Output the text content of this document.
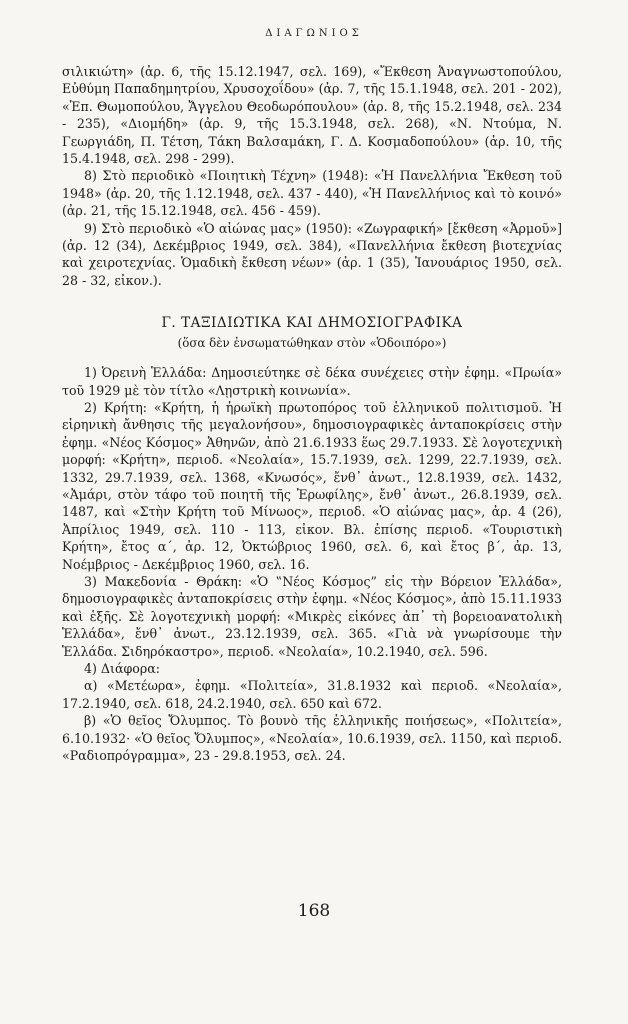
ΔΙΑΓΩΝΙΟΣ

σιλικιώτη» (ἀρ. 6, τῆς 15.12.1947, σελ. 169), «Ἔκθεση Ἀναγνωστοπούλου, Εὐθύμη Παπαδημητρίου, Χρυσοχοΐδου» (ἀρ. 7, τῆς 15.1.1948, σελ. 201 - 202), «Ἐπ. Θωμοπούλου, Ἄγγελου Θεοδωρόπουλου» (ἀρ. 8, τῆς 15.2.1948, σελ. 234 - 235), «Διομήδη» (ἀρ. 9, τῆς 15.3.1948, σελ. 268), «Ν. Ντούμα, Ν. Γεωργιάδη, Π. Τέτση, Τάκη Βαλσαμάκη, Γ. Δ. Κοσμαδοπούλου» (ἀρ. 10, τῆς 15.4.1948, σελ. 298 - 299).

8) Στὸ περιοδικὸ «Ποιητικὴ Τέχνη» (1948): «Ἡ Πανελλήνια Ἔκθεση τοῦ 1948» (ἀρ. 20, τῆς 1.12.1948, σελ. 437 - 440), «Ἡ Πανελλήνιος καὶ τὸ κοινό» (ἀρ. 21, τῆς 15.12.1948, σελ. 456 - 459).

9) Στὸ περιοδικὸ «Ὁ αἰώνας μας» (1950): «Ζωγραφική» [ἔκθεση «Ἀρμοῦ»] (ἀρ. 12 (34), Δεκέμβριος 1949, σελ. 384), «Πανελλήνια ἔκθεση βιοτεχνίας καὶ χειροτεχνίας. Ὁμαδικὴ ἔκθεση νέων» (ἀρ. 1 (35), Ἰανουάριος 1950, σελ. 28 - 32, εἰκον.).

Γ. ΤΑΞΙΔΙΩΤΙΚΑ ΚΑΙ ΔΗΜΟΣΙΟΓΡΑΦΙΚΑ
(ὅσα δὲν ἐνσωματώθηκαν στὸν «Ὁδοιπόρο»)

1) Ὀρεινὴ Ἑλλάδα: Δημοσιεύτηκε σὲ δέκα συνέχειες στὴν ἐφημ. «Πρωία» τοῦ 1929 μὲ τὸν τίτλο «Λῃστρικὴ κοινωνία».

2) Κρήτη: «Κρήτη, ἡ ἡρωϊκὴ πρωτοπόρος τοῦ ἑλληνικοῦ πολιτισμοῦ. Ἡ εἰρηνικὴ ἄνθησις τῆς μεγαλονήσου», δημοσιογραφικὲς ἀνταποκρίσεις στὴν ἐφημ. «Νέος Κόσμος» Ἀθηνῶν, ἀπὸ 21.6.1933 ἕως 29.7.1933. Σὲ λογοτεχνικὴ μορφή: «Κρήτη», περιοδ. «Νεολαία», 15.7.1939, σελ. 1299, 22.7.1939, σελ. 1332, 29.7.1939, σελ. 1368, «Κνωσός», ἔνθ᾽ ἀνωτ., 12.8.1939, σελ. 1432, «Ἀμάρι, στὸν τάφο τοῦ ποιητῆ τῆς Ἐρωφίλης», ἔνθ᾽ ἀνωτ., 26.8.1939, σελ. 1487, καὶ «Στὴν Κρήτη τοῦ Μίνωος», περιοδ. «Ὁ αἰώνας μας», ἀρ. 4 (26), Ἀπρίλιος 1949, σελ. 110 - 113, εἰκον. Βλ. ἐπίσης περιοδ. «Τουριστικὴ Κρήτη», ἔτος α΄, ἀρ. 12, Ὀκτώβριος 1960, σελ. 6, καὶ ἔτος β΄, ἀρ. 13, Νοέμβριος - Δεκέμβριος 1960, σελ. 16.

3) Μακεδονία - Θράκη: «Ὁ ‟Νέος Κόσμος” εἰς τὴν Βόρειον Ἑλλάδα», δημοσιογραφικὲς ἀνταποκρίσεις στὴν ἐφημ. «Νέος Κόσμος», ἀπὸ 15.11.1933 καὶ ἑξῆς. Σὲ λογοτεχνικὴ μορφή: «Μικρὲς εἰκόνες ἀπ᾽ τὴ βορειοανατολικὴ Ἑλλάδα», ἔνθ᾽ ἀνωτ., 23.12.1939, σελ. 365. «Γιὰ νὰ γνωρίσουμε τὴν Ἑλλάδα. Σιδηρόκαστρο», περιοδ. «Νεολαία», 10.2.1940, σελ. 596.

4) Διάφορα:

α) «Μετέωρα», ἐφημ. «Πολιτεία», 31.8.1932 καὶ περιοδ. «Νεολαία», 17.2.1940, σελ. 618, 24.2.1940, σελ. 650 καὶ 672.

β) «Ὁ θεῖος Ὄλυμπος. Τὸ βουνὸ τῆς ἑλληνικῆς ποιήσεως», «Πολιτεία», 6.10.1932· «Ὁ θεῖος Ὄλυμπος», «Νεολαία», 10.6.1939, σελ. 1150, καὶ περιοδ. «Ραδιοπρόγραμμα», 23 - 29.8.1953, σελ. 24.

168
